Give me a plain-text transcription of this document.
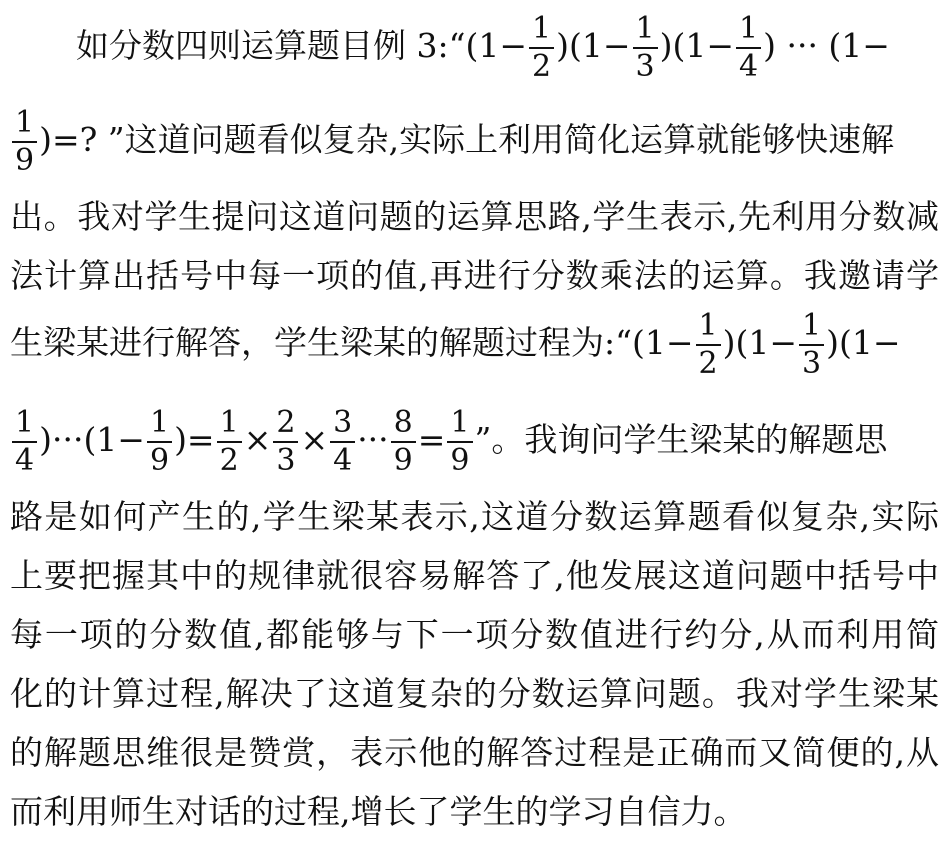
如分数四则运算题目例 3:“(1− $\frac{1}{2} )(1- \frac{1}{3} )(1- \frac{1}{4}$ ) ··· (1−
$\frac{1}{9}$ )=? ”这道问题看似复杂,实际上利用简化运算就能够快速解
出。我对学生提问这道问题的运算思路,学生表示,先利用分数减
法计算出括号中每一项的值,再进行分数乘法的运算。我邀请学
生梁某进行解答，学生梁某的解题过程为:“(1− $\frac{1}{2} )(1- \frac{1}{3} )(1-$
$\frac{1}{4} )\cdot\cdot\cdot(1- \frac{1}{9}$ )= $\frac{1}{2} \times \frac{2}{3} \times \frac{3}{4}$ ··· $\frac{8}{9} = \frac{1}{9}$ ”。我询问学生梁某的解题思
路是如何产生的,学生梁某表示,这道分数运算题看似复杂,实际
上要把握其中的规律就很容易解答了,他发展这道问题中括号中
每一项的分数值,都能够与下一项分数值进行约分,从而利用简
化的计算过程,解决了这道复杂的分数运算问题。我对学生梁某
的解题思维很是赞赏，表示他的解答过程是正确而又简便的,从
而利用师生对话的过程,增长了学生的学习自信力。
